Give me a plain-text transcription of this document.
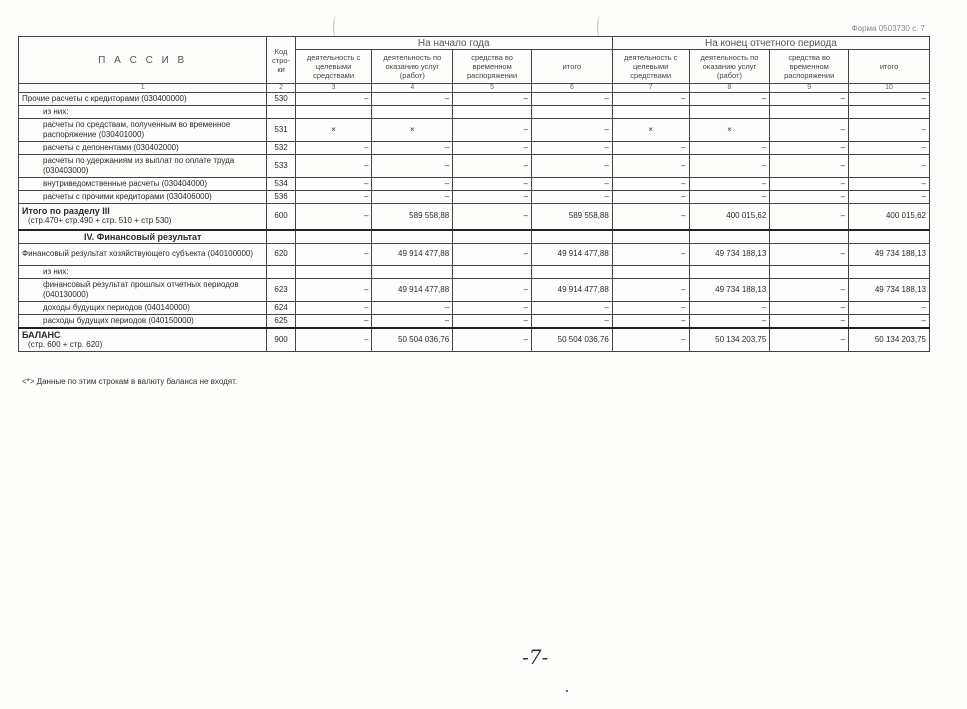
Форма 0503730 с. 7
П А С С И В	Код стро-ки	На начало года				На конец отчетного периода			
		деятельность с целевыми средствами	деятельность по оказанию услуг (работ)	средства во временном распоряжении	итого	деятельность с целевыми средствами	деятельность по оказанию услуг (работ)	средства во временном распоряжении	итого
1	2	3	4	5	6	7	8	9	10
Прочие расчеты с кредиторами (030400000)	530	–	–	–	–	–	–	–	–
из них:									
расчеты по средствам, полученным во временное распоряжение (030401000)	531	×	×	–	–	×	×	–	–
расчеты с депонентами (030402000)	532	–	–	–	–	–	–	–	–
расчеты по удержаниям из выплат по оплате труда (030403000)	533	–	–	–	–	–	–	–	–
внутриведомственные расчеты (030404000)	534	–	–	–	–	–	–	–	–
расчеты с прочими кредиторами (030406000)	536	–	–	–	–	–	–	–	–

Итого по разделу III
(стр.470+ стр.490 + стр. 510 + стр 530)	600	–	589 558,88	–	589 558,88	–	400 015,62	–	400 015,62
IV. Финансовый результат									
Финансовый результат хозяйствующего субъекта (040100000)	620	–	49 914 477,88	–	49 914 477,88	–	49 734 188,13	–	49 734 188,13
из них:									
финансовый результат прошлых отчетных периодов (040130000)	623	–	49 914 477,88	–	49 914 477,88	–	49 734 188,13	–	49 734 188,13
доходы будущих периодов (040140000)	624	–	–	–	–	–	–	–	–
расходы будущих периодов (040150000)	625	–	–	–	–	–	–	–	–

БАЛАНС
(стр. 600 + стр. 620)	900	–	50 504 036,76	–	50 504 036,76	–	50 134 203,75	–	50 134 203,75
<*> Данные по этим строкам в валюту баланса не входят.
-7-
